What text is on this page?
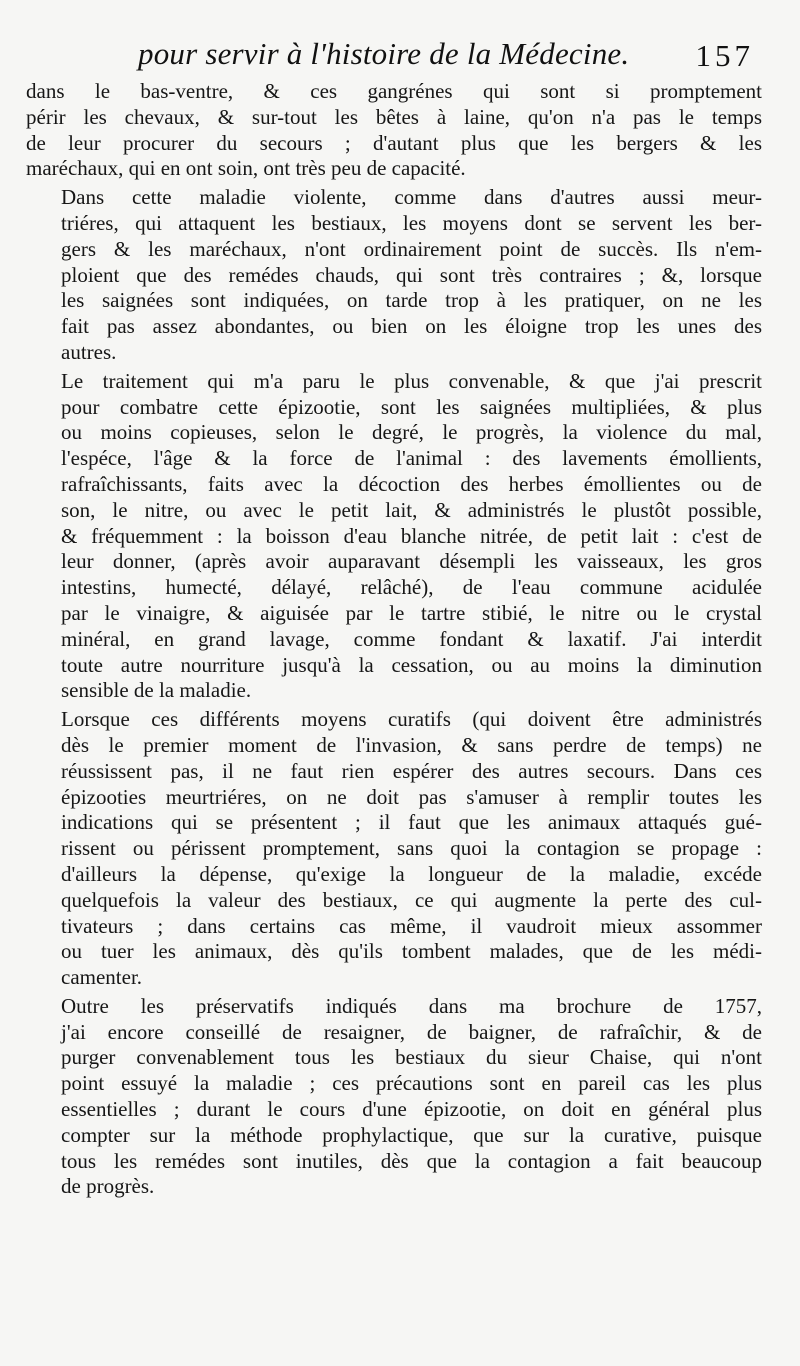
pour servir à l'histoire de la Médecine. 157

dans le bas-ventre, & ces gangrénes qui sont si promptement
périr les chevaux, & sur-tout les bêtes à laine, qu'on n'a pas le temps
de leur procurer du secours ; d'autant plus que les bergers & les
maréchaux, qui en ont soin, ont très peu de capacité.

Dans cette maladie violente, comme dans d'autres aussi meur-
triéres, qui attaquent les bestiaux, les moyens dont se servent les ber-
gers & les maréchaux, n'ont ordinairement point de succès. Ils n'em-
ploient que des remédes chauds, qui sont très contraires ; &, lorsque
les saignées sont indiquées, on tarde trop à les pratiquer, on ne les
fait pas assez abondantes, ou bien on les éloigne trop les unes des
autres.

Le traitement qui m'a paru le plus convenable, & que j'ai prescrit
pour combatre cette épizootie, sont les saignées multipliées, & plus
ou moins copieuses, selon le degré, le progrès, la violence du mal,
l'espéce, l'âge & la force de l'animal : des lavements émollients,
rafraîchissants, faits avec la décoction des herbes émollientes ou de
son, le nitre, ou avec le petit lait, & administrés le plustôt possible,
& fréquemment : la boisson d'eau blanche nitrée, de petit lait : c'est de
leur donner, (après avoir auparavant désempli les vaisseaux, les gros
intestins, humecté, délayé, relâché), de l'eau commune acidulée
par le vinaigre, & aiguisée par le tartre stibié, le nitre ou le crystal
minéral, en grand lavage, comme fondant & laxatif. J'ai interdit
toute autre nourriture jusqu'à la cessation, ou au moins la diminution
sensible de la maladie.

Lorsque ces différents moyens curatifs (qui doivent être administrés
dès le premier moment de l'invasion, & sans perdre de temps) ne
réussissent pas, il ne faut rien espérer des autres secours. Dans ces
épizooties meurtriéres, on ne doit pas s'amuser à remplir toutes les
indications qui se présentent ; il faut que les animaux attaqués gué-
rissent ou périssent promptement, sans quoi la contagion se propage :
d'ailleurs la dépense, qu'exige la longueur de la maladie, excéde
quelquefois la valeur des bestiaux, ce qui augmente la perte des cul-
tivateurs ; dans certains cas même, il vaudroit mieux assommer
ou tuer les animaux, dès qu'ils tombent malades, que de les médi-
camenter.

Outre les préservatifs indiqués dans ma brochure de 1757,
j'ai encore conseillé de resaigner, de baigner, de rafraîchir, & de
purger convenablement tous les bestiaux du sieur Chaise, qui n'ont
point essuyé la maladie ; ces précautions sont en pareil cas les plus
essentielles ; durant le cours d'une épizootie, on doit en général plus
compter sur la méthode prophylactique, que sur la curative, puisque
tous les remédes sont inutiles, dès que la contagion a fait beaucoup
de progrès.
